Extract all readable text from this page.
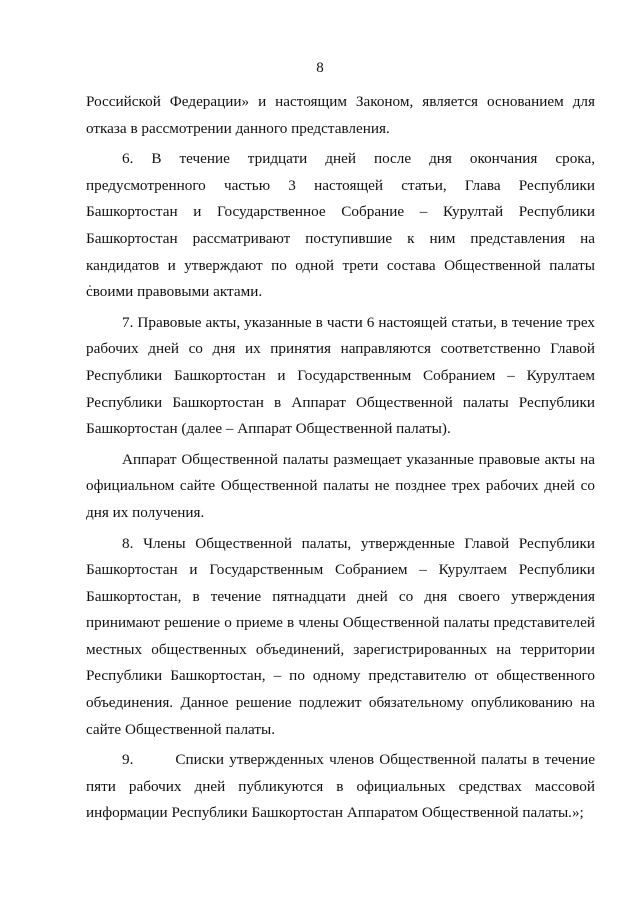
8

Российской Федерации» и настоящим Законом, является основанием для отказа в рассмотрении данного представления.

6. В течение тридцати дней после дня окончания срока, предусмотренного частью 3 настоящей статьи, Глава Республики Башкортостан и Государственное Собрание – Курултай Республики Башкортостан рассматривают поступившие к ним представления на кандидатов и утверждают по одной трети состава Общественной палаты своими правовыми актами.

7. Правовые акты, указанные в части 6 настоящей статьи, в течение трех рабочих дней со дня их принятия направляются соответственно Главой Республики Башкортостан и Государственным Собранием – Курултаем Республики Башкортостан в Аппарат Общественной палаты Республики Башкортостан (далее – Аппарат Общественной палаты).

Аппарат Общественной палаты размещает указанные правовые акты на официальном сайте Общественной палаты не позднее трех рабочих дней со дня их получения.

8. Члены Общественной палаты, утвержденные Главой Республики Башкортостан и Государственным Собранием – Курултаем Республики Башкортостан, в течение пятнадцати дней со дня своего утверждения принимают решение о приеме в члены Общественной палаты представителей местных общественных объединений, зарегистрированных на территории Республики Башкортостан, – по одному представителю от общественного объединения. Данное решение подлежит обязательному опубликованию на сайте Общественной палаты.

9.        Списки утвержденных членов Общественной палаты в течение пяти рабочих дней публикуются в официальных средствах массовой информации Республики Башкортостан Аппаратом Общественной палаты.»;
